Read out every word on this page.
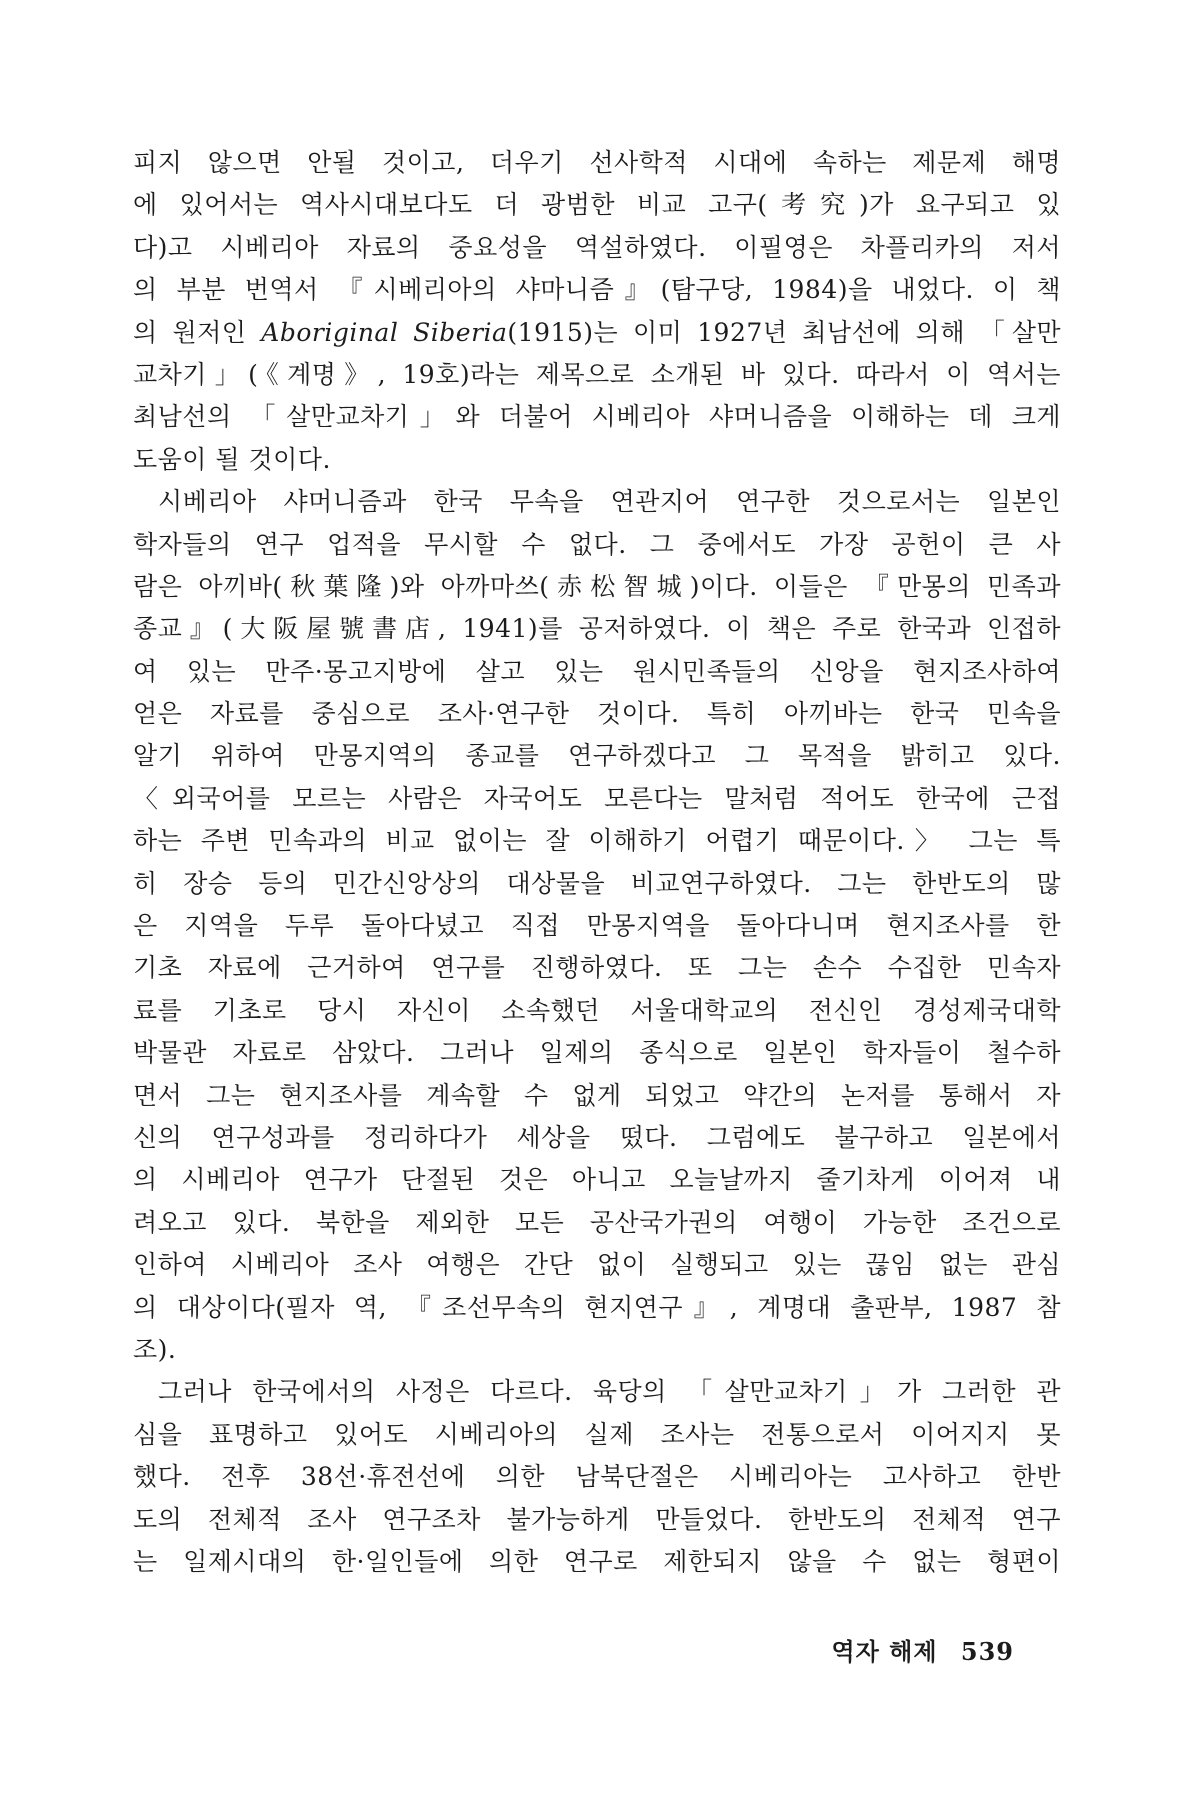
피지 않으면 안될 것이고, 더우기 선사학적 시대에 속하는 제문제 해명
에 있어서는 역사시대보다도 더 광범한 비교 고구(考究)가 요구되고 있
다)고 시베리아 자료의 중요성을 역설하였다. 이필영은 차플리카의 저서
의 부분 번역서 『시베리아의 샤마니즘』(탐구당, 1984)을 내었다. 이 책
의 원저인 Aboriginal Siberia(1915)는 이미 1927년 최남선에 의해 「살만
교차기」(《계명》, 19호)라는 제목으로 소개된 바 있다. 따라서 이 역서는
최남선의 「살만교차기」와 더불어 시베리아 샤머니즘을 이해하는 데 크게
도움이 될 것이다.
시베리아 샤머니즘과 한국 무속을 연관지어 연구한 것으로서는 일본인
학자들의 연구 업적을 무시할 수 없다. 그 중에서도 가장 공헌이 큰 사
람은 아끼바(秋葉隆)와 아까마쓰(赤松智城)이다. 이들은 『만몽의 민족과
종교』(大阪屋號書店, 1941)를 공저하였다. 이 책은 주로 한국과 인접하
여 있는 만주·몽고지방에 살고 있는 원시민족들의 신앙을 현지조사하여
얻은 자료를 중심으로 조사·연구한 것이다. 특히 아끼바는 한국 민속을
알기 위하여 만몽지역의 종교를 연구하겠다고 그 목적을 밝히고 있다.
〈외국어를 모르는 사람은 자국어도 모른다는 말처럼 적어도 한국에 근접
하는 주변 민속과의 비교 없이는 잘 이해하기 어렵기 때문이다.〉 그는 특
히 장승 등의 민간신앙상의 대상물을 비교연구하였다. 그는 한반도의 많
은 지역을 두루 돌아다녔고 직접 만몽지역을 돌아다니며 현지조사를 한
기초 자료에 근거하여 연구를 진행하였다. 또 그는 손수 수집한 민속자
료를 기초로 당시 자신이 소속했던 서울대학교의 전신인 경성제국대학
박물관 자료로 삼았다. 그러나 일제의 종식으로 일본인 학자들이 철수하
면서 그는 현지조사를 계속할 수 없게 되었고 약간의 논저를 통해서 자
신의 연구성과를 정리하다가 세상을 떴다. 그럼에도 불구하고 일본에서
의 시베리아 연구가 단절된 것은 아니고 오늘날까지 줄기차게 이어져 내
려오고 있다. 북한을 제외한 모든 공산국가권의 여행이 가능한 조건으로
인하여 시베리아 조사 여행은 간단 없이 실행되고 있는 끊임 없는 관심
의 대상이다(필자 역, 『조선무속의 현지연구』, 계명대 출판부, 1987 참
조).
그러나 한국에서의 사정은 다르다. 육당의 「살만교차기」가 그러한 관
심을 표명하고 있어도 시베리아의 실제 조사는 전통으로서 이어지지 못
했다. 전후 38선·휴전선에 의한 남북단절은 시베리아는 고사하고 한반
도의 전체적 조사 연구조차 불가능하게 만들었다. 한반도의 전체적 연구
는 일제시대의 한·일인들에 의한 연구로 제한되지 않을 수 없는 형편이
역자 해제 539
